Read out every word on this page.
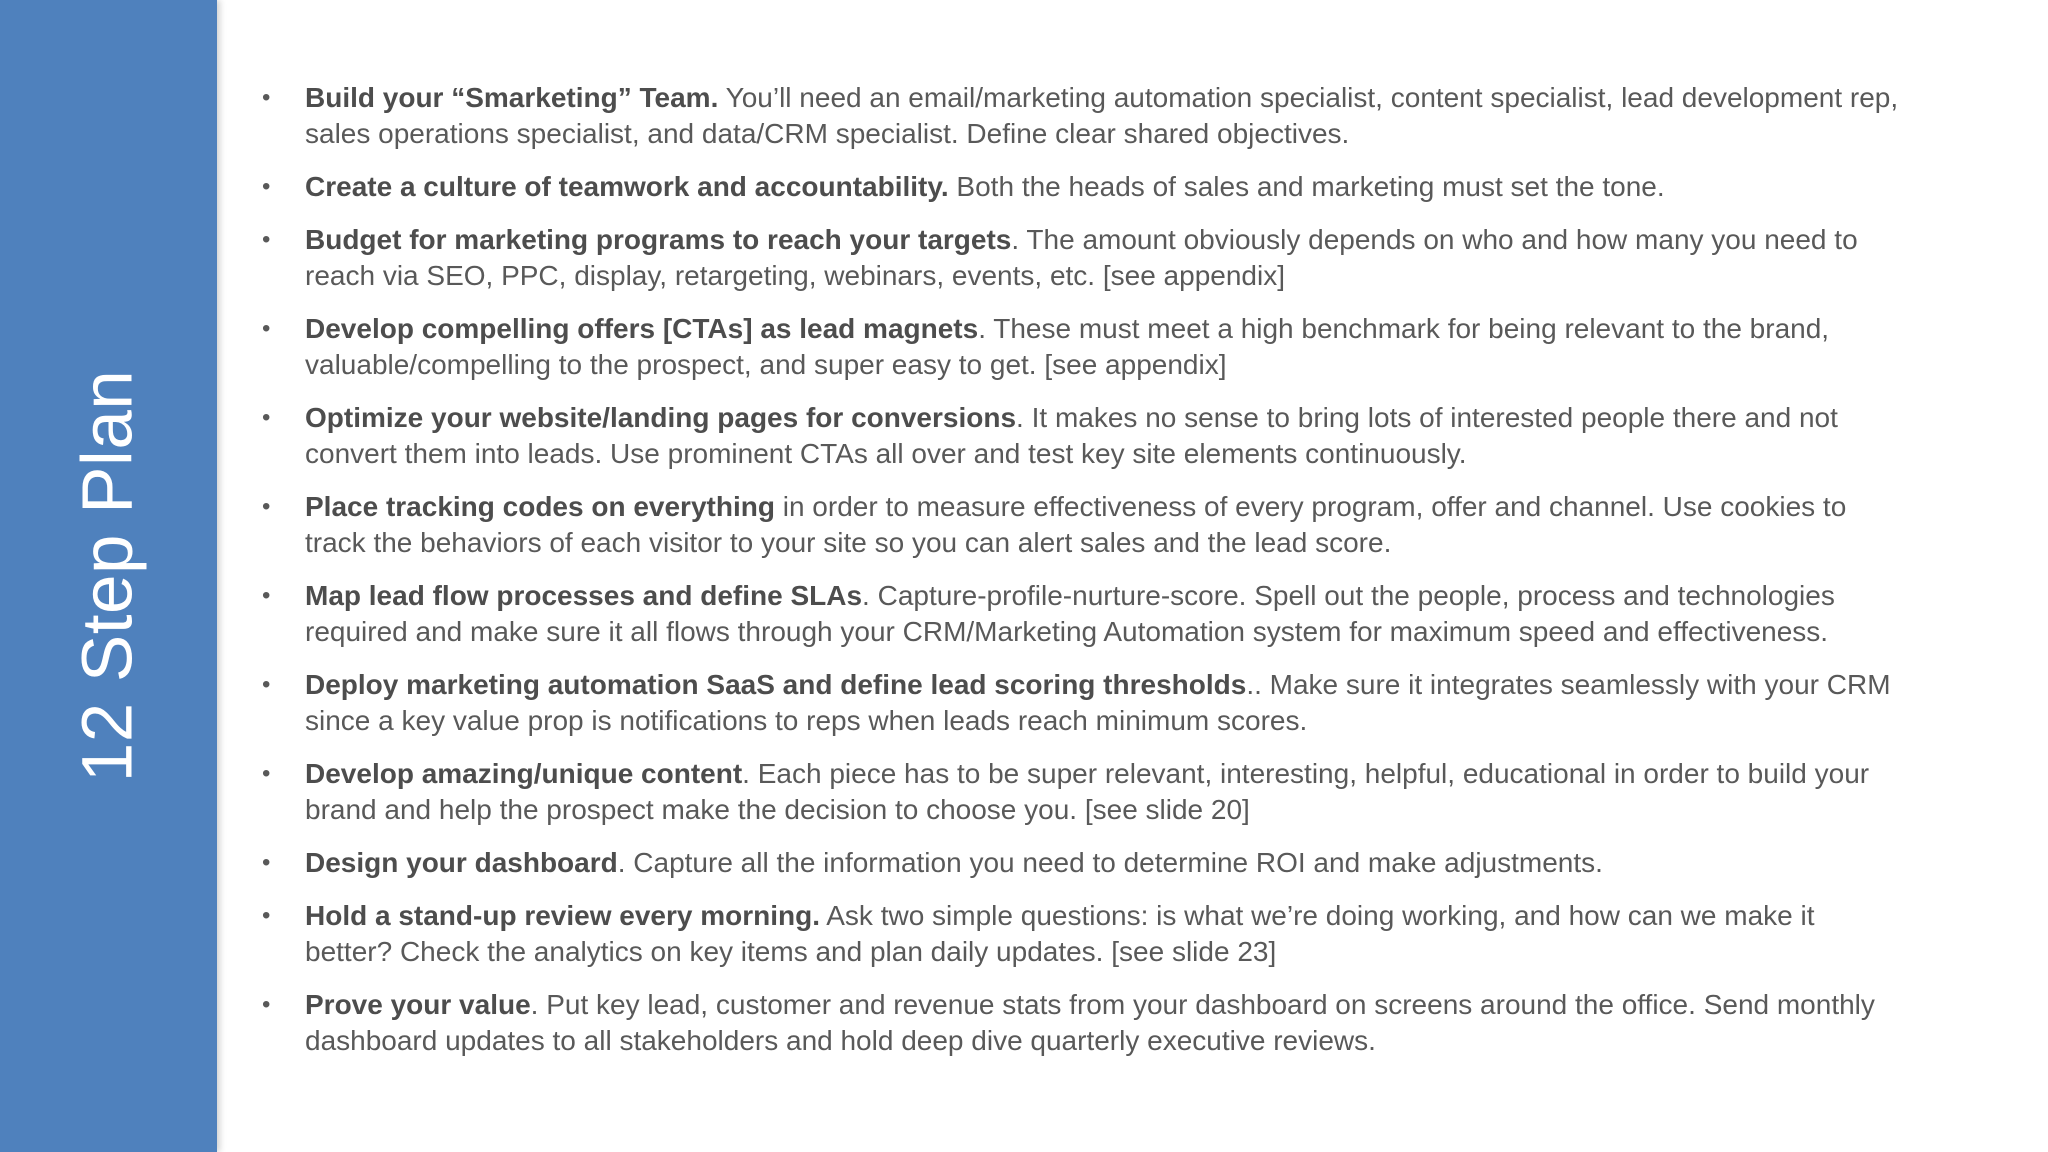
12 Step Plan
• Build your “Smarketing” Team. You’ll need an email/marketing automation specialist, content specialist, lead development rep, sales operations specialist, and data/CRM specialist. Define clear shared objectives.
• Create a culture of teamwork and accountability. Both the heads of sales and marketing must set the tone.
• Budget for marketing programs to reach your targets. The amount obviously depends on who and how many you need to reach via SEO, PPC, display, retargeting, webinars, events, etc. [see appendix]
• Develop compelling offers [CTAs] as lead magnets. These must meet a high benchmark for being relevant to the brand, valuable/compelling to the prospect, and super easy to get. [see appendix]
• Optimize your website/landing pages for conversions. It makes no sense to bring lots of interested people there and not convert them into leads. Use prominent CTAs all over and test key site elements continuously.
• Place tracking codes on everything in order to measure effectiveness of every program, offer and channel. Use cookies to track the behaviors of each visitor to your site so you can alert sales and the lead score.
• Map lead flow processes and define SLAs. Capture-profile-nurture-score. Spell out the people, process and technologies required and make sure it all flows through your CRM/Marketing Automation system for maximum speed and effectiveness.
• Deploy marketing automation SaaS and define lead scoring thresholds.. Make sure it integrates seamlessly with your CRM since a key value prop is notifications to reps when leads reach minimum scores.
• Develop amazing/unique content. Each piece has to be super relevant, interesting, helpful, educational in order to build your brand and help the prospect make the decision to choose you. [see slide 20]
• Design your dashboard. Capture all the information you need to determine ROI and make adjustments.
• Hold a stand-up review every morning. Ask two simple questions: is what we’re doing working, and how can we make it better? Check the analytics on key items and plan daily updates. [see slide 23]
• Prove your value. Put key lead, customer and revenue stats from your dashboard on screens around the office. Send monthly dashboard updates to all stakeholders and hold deep dive quarterly executive reviews.
